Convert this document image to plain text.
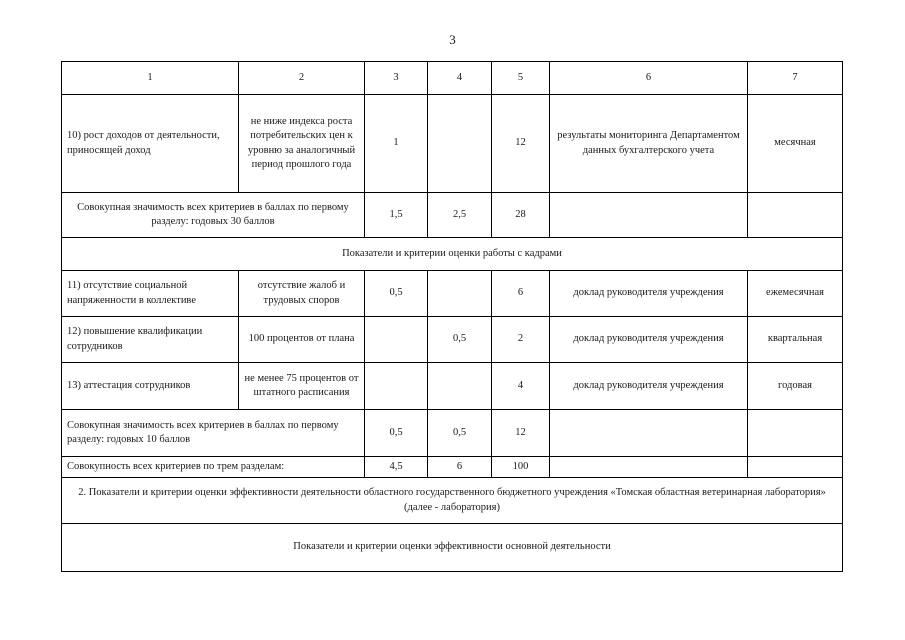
3
1	2	3	4	5	6	7
10) рост доходов от деятельности, приносящей доход	не ниже индекса роста потребительских цен к уровню за аналогичный период прошлого года	1		12	результаты мониторинга Департаментом данных бухгалтерского учета	месячная
Совокупная значимость всех критериев в баллах по первому разделу: годовых 30 баллов		1,5	2,5	28		
Показатели и критерии оценки работы с кадрами						
11) отсутствие социальной напряженности в коллективе	отсутствие жалоб и трудовых споров	0,5		6	доклад руководителя учреждения	ежемесячная
12) повышение квалификации сотрудников	100 процентов от плана		0,5	2	доклад руководителя учреждения	квартальная
13) аттестация сотрудников	не менее 75 процентов от штатного расписания			4	доклад руководителя учреждения	годовая
Совокупная значимость всех критериев в баллах по первому разделу: годовых 10 баллов		0,5	0,5	12		
Совокупность всех критериев по трем разделам:		4,5	6	100		
2. Показатели и критерии оценки эффективности деятельности областного государственного бюджетного учреждения «Томская областная ветеринарная лаборатория» (далее - лаборатория)						
Показатели и критерии оценки эффективности основной деятельности						
